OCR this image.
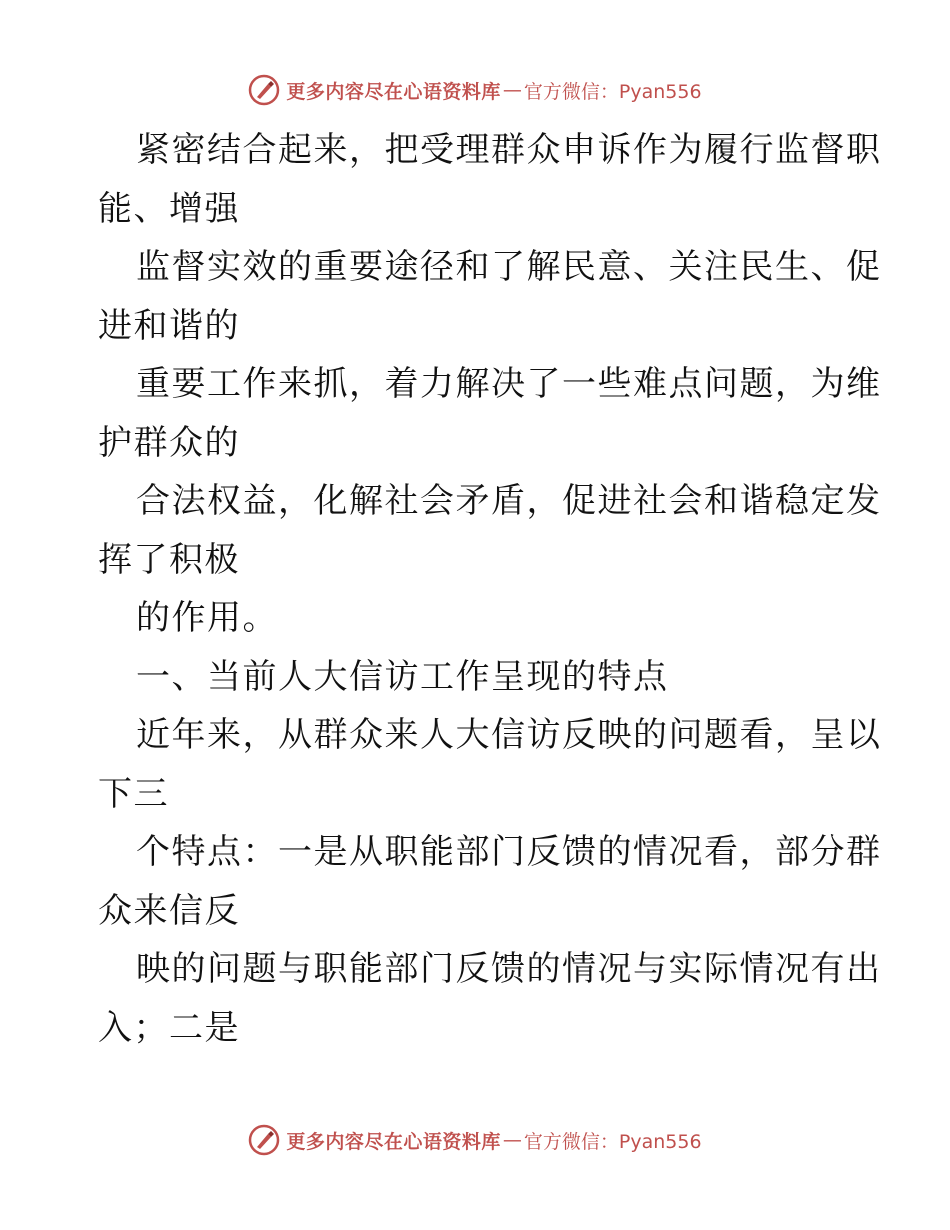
更多内容尽在心语资料库 — 官方微信：Pyan556
紧密结合起来，把受理群众申诉作为履行监督职
能、增强
监督实效的重要途径和了解民意、关注民生、促
进和谐的
重要工作来抓，着力解决了一些难点问题，为维
护群众的
合法权益，化解社会矛盾，促进社会和谐稳定发
挥了积极
的作用。
一、当前人大信访工作呈现的特点
近年来，从群众来人大信访反映的问题看，呈以
下三
个特点：一是从职能部门反馈的情况看，部分群
众来信反
映的问题与职能部门反馈的情况与实际情况有出
入；二是
更多内容尽在心语资料库 — 官方微信：Pyan556
